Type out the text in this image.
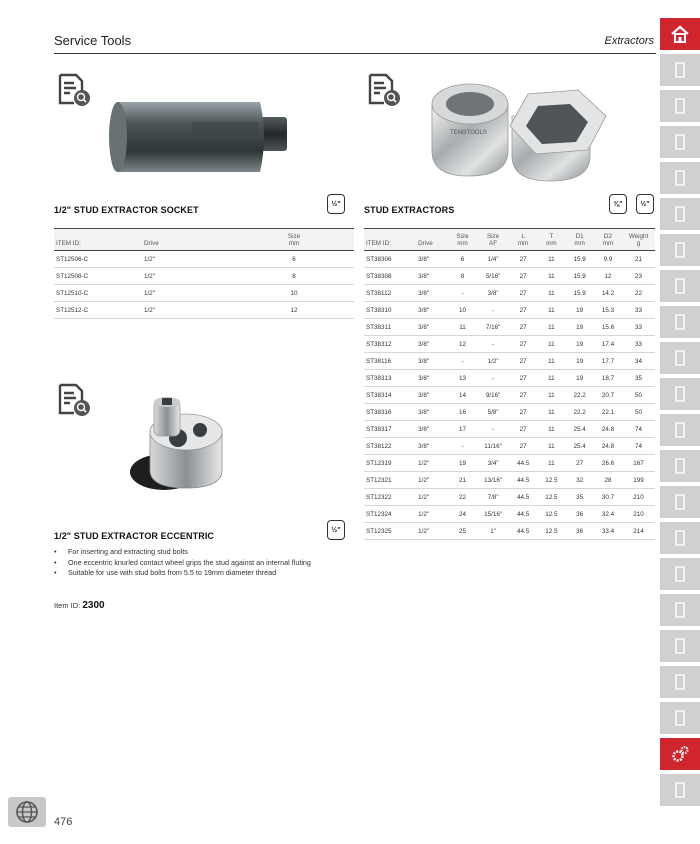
Service Tools	Extractors
TENGTOOLS
1/2" STUD EXTRACTOR SOCKET
½"
		Size
ITEM ID:	Drive	mm
ST12506-C	1/2"	6
ST12508-C	1/2"	8
ST12510-C	1/2"	10
ST12512-C	1/2"	12
STUD EXTRACTORS
⅜"	½"
		Size	Size	L	T	D1	D2	Weight
ITEM ID:	Drive	mm	AF	mm	mm	mm	mm	g
ST38306	3/8"	6	1/4"	27	11	15.9	9.9	21
ST38308	3/8"	8	5/16"	27	11	15.9	12	23
ST38112	3/8"	-	3/8"	27	11	15.9	14.2	22
ST38310	3/8"	10	-	27	11	19	15.3	33
ST38311	3/8"	11	7/16"	27	11	19	15.6	33
ST38312	3/8"	12	-	27	11	19	17.4	33
ST38116	3/8"	-	1/2"	27	11	19	17.7	34
ST38313	3/8"	13	-	27	11	19	18.7	35
ST38314	3/8"	14	9/16"	27	11	22.2	20.7	50
ST38316	3/8"	16	5/8"	27	11	22.2	22.1	50
ST38317	3/8"	17	-	27	11	25.4	24.8	74
ST38122	3/8"	-	11/16"	27	11	25.4	24.8	74
ST12319	1/2"	19	3/4"	44.5	11	27	26.6	167
ST12321	1/2"	21	13/16"	44.5	12.5	32	28	199
ST12322	1/2"	22	7/8"	44.5	12.5	35	30.7	210
ST12324	1/2"	24	15/16"	44.5	12.5	36	32.4	210
ST12325	1/2"	25	1"	44.5	12.5	36	33.4	214
1/2" STUD EXTRACTOR ECCENTRIC
½"
• For inserting and extracting stud bolts
• One eccentric knurled contact wheel grips the stud against an internal fluting
• Suitable for use with stud bolts from 5.5 to 19mm diameter thread
Item ID: 2300
476
